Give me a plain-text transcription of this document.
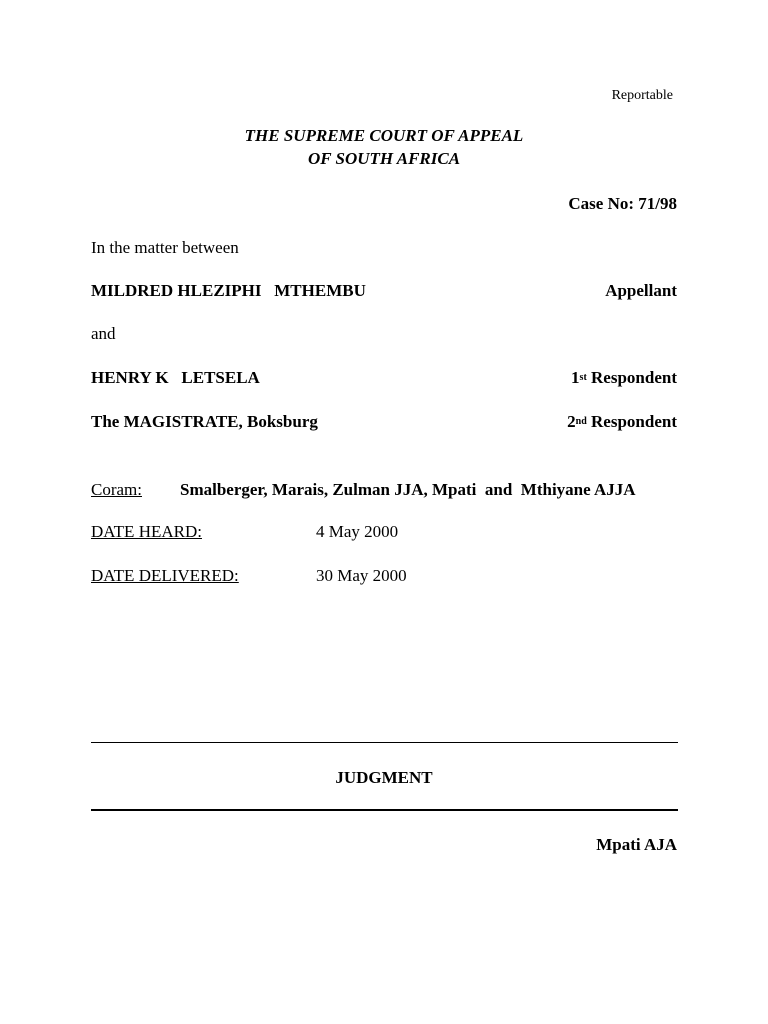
Reportable
THE SUPREME COURT OF APPEAL
OF SOUTH AFRICA
Case No: 71/98
In the matter between
MILDRED HLEZIPHI   MTHEMBU	Appellant
and
HENRY K   LETSELA	1st Respondent
The MAGISTRATE, Boksburg	2nd Respondent
Coram: Smalberger, Marais, Zulman JJA, Mpati  and  Mthiyane AJJA
DATE HEARD:	4 May 2000
DATE DELIVERED:	30 May 2000
JUDGMENT
Mpati AJA
